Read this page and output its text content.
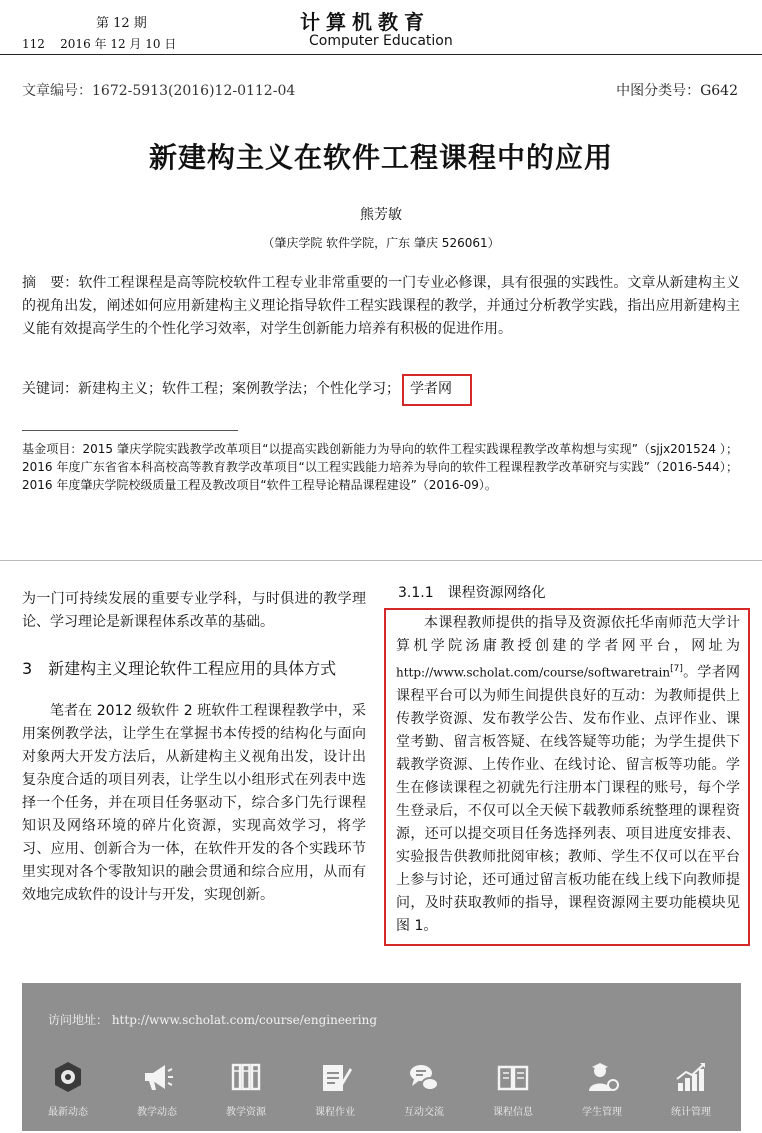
第 12 期
112    2016 年 12 月 10 日
计算机教育
Computer Education
文章编号：1672-5913(2016)12-0112-04	中图分类号：G642
新建构主义在软件工程课程中的应用
熊芳敏
（肇庆学院 软件学院，广东 肇庆 526061）
摘　要：软件工程课程是高等院校软件工程专业非常重要的一门专业必修课，具有很强的实践性。文章从新建构主义的视角出发，阐述如何应用新建构主义理论指导软件工程实践课程的教学，并通过分析教学实践，指出应用新建构主义能有效提高学生的个性化学习效率，对学生创新能力培养有积极的促进作用。
关键词：新建构主义；软件工程；案例教学法；个性化学习； 学者网
基金项目：2015 肇庆学院实践教学改革项目“以提高实践创新能力为导向的软件工程实践课程教学改革构想与实现”（sjjx201524 ）；2016 年度广东省省本科高校高等教育教学改革项目“以工程实践能力培养为导向的软件工程课程教学改革研究与实践”（2016-544）；2016 年度肇庆学院校级质量工程及教改项目“软件工程导论精品课程建设”（2016-09）。

为一门可持续发展的重要专业学科，与时俱进的教学理论、学习理论是新课程体系改革的基础。

3　新建构主义理论软件工程应用的具体方式

笔者在 2012 级软件 2 班软件工程课程教学中，采用案例教学法，让学生在掌握书本传授的结构化与面向对象两大开发方法后，从新建构主义视角出发，设计出复杂度合适的项目列表，让学生以小组形式在列表中选择一个任务，并在项目任务驱动下，综合多门先行课程知识及网络环境的碎片化资源，实现高效学习，将学习、应用、创新合为一体，在软件开发的各个实践环节里实现对各个零散知识的融会贯通和综合应用，从而有效地完成软件的设计与开发，实现创新。

3.1.1　课程资源网络化

本课程教师提供的指导及资源依托华南师范大学计算机学院汤庸教授创建的学者网平台，网址为 http://www.scholat.com/course/softwaretrain[7]。学者网课程平台可以为师生间提供良好的互动：为教师提供上传教学资源、发布教学公告、发布作业、点评作业、课堂考勤、留言板答疑、在线答疑等功能；为学生提供下载教学资源、上传作业、在线讨论、留言板等功能。学生在修读课程之初就先行注册本门课程的账号，每个学生登录后，不仅可以全天候下载教师系统整理的课程资源，还可以提交项目任务选择列表、项目进度安排表、实验报告供教师批阅审核；教师、学生不仅可以在平台上参与讨论，还可通过留言板功能在线上线下向教师提问，及时获取教师的指导，课程资源网主要功能模块见图 1。

访问地址： http://www.scholat.com/course/engineering
最新动态	教学动态	教学资源	课程作业	互动交流	课程信息	学生管理	统计管理
